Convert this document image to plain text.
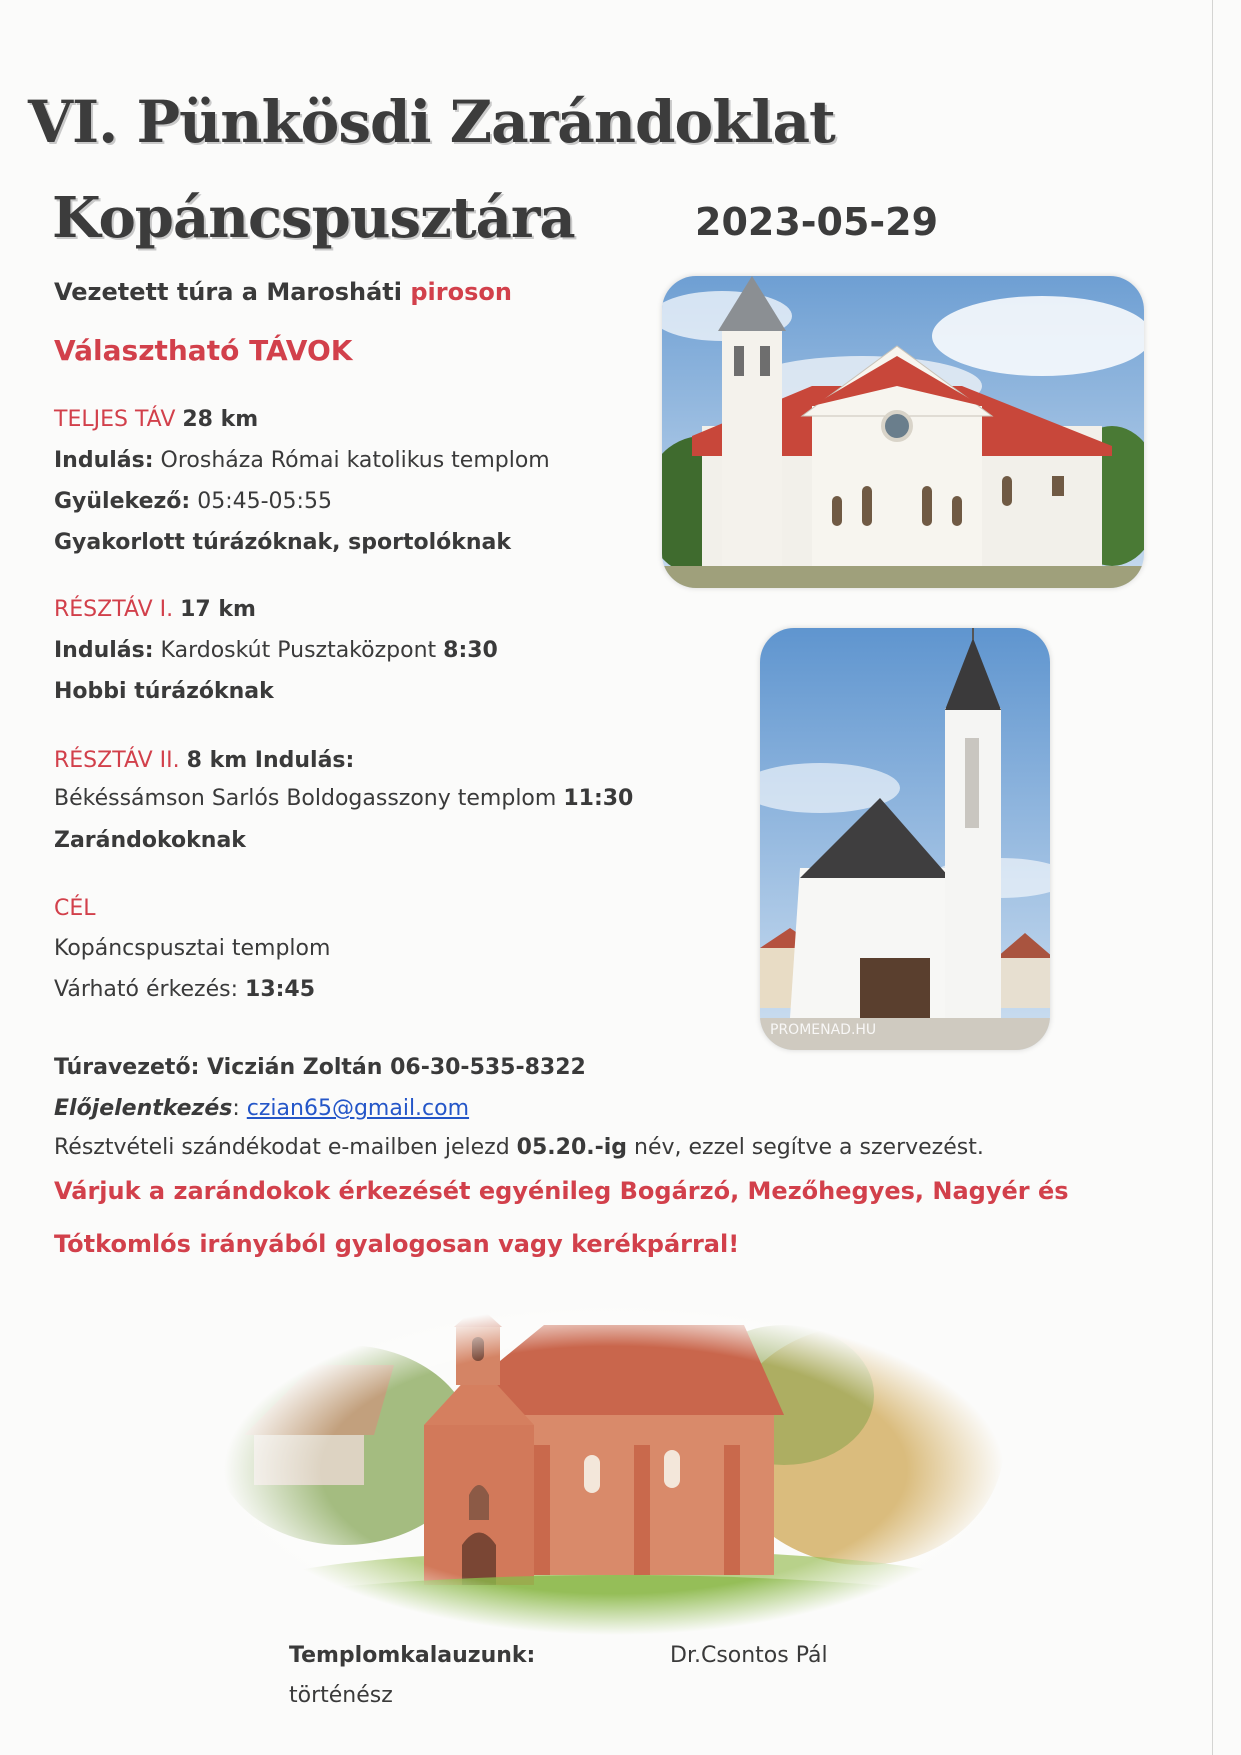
VI. Pünkösdi Zarándoklat
Kopáncspusztára	2023-05-29
Vezetett túra a Marosháti piroson
Választható TÁVOK
TELJES TÁV 28 km
Indulás: Orosháza Római katolikus templom
Gyülekező: 05:45-05:55
Gyakorlott túrázóknak, sportolóknak
RÉSZTÁV I. 17 km
Indulás: Kardoskút Pusztaközpont 8:30
Hobbi túrázóknak
RÉSZTÁV II. 8 km Indulás:
Békéssámson Sarlós Boldogasszony templom 11:30
Zarándokoknak
CÉL
Kopáncspusztai templom
Várható érkezés: 13:45
Túravezető: Viczián Zoltán 06-30-535-8322
Előjelentkezés: czian65@gmail.com
Résztvételi szándékodat e-mailben jelezd 05.20.-ig név, ezzel segítve a szervezést.
Várjuk a zarándokok érkezését egyénileg Bogárzó, Mezőhegyes, Nagyér és
Tótkomlós irányából gyalogosan vagy kerékpárral!
PROMENAD.HU
Templomkalauzunk:	Dr.Csontos Pál
történész
